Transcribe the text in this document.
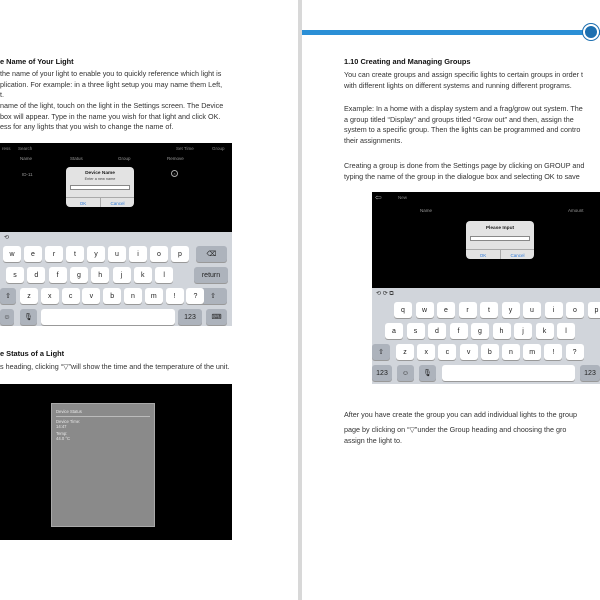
e Name of Your Light
the name of your light to enable you to quickly reference which light is
plication. For example: in a three light setup you may name them Left,
t.
name of the light, touch on the light in the Settings screen. The Device
box will appear. Type in the name you wish for that light and click OK.
ess for any lights that you wish to change the name of.
ress Search	Set Time	Group
Name	Status	Group	Remove
ID-11	×
Device Name
Enter a new name
OK	Cancel
⟲
⌫
return
⇧	⇧
☺	🎙	123	⌨
w	e	r	t	y	u	i	o	p
s	d	f	g	h	j	k	l
z	x	c	v	b	n	m	!	?
e Status of a Light
s heading, clicking “▽”will show the time and the temperature of the unit.
Device Status
Device Time:
14:47
Temp:
44.0 °C
1.10 Creating and Managing Groups
You can create groups and assign specific lights to certain groups in order t
with different lights on different systems and running different programs.
Example: In a home with a display system and a frag/grow out system. The
a group titled “Display” and groups titled “Grow out” and then, assign the
system to a specific group. Then the lights can be programmed and contro
their assignments.
Creating a group is done from the Settings page by clicking on GROUP and
typing the name of the group in the dialogue box and selecting OK to save
⇦	New
Name	Amount
Please Input
OK	Cancel
⟲ ⟳ ⧉
⇧
123	☺	🎙	123
q	w	e	r	t	y	u	i	o	p
a	s	d	f	g	h	j	k	l
z	x	c	v	b	n	m	!	?
After you have create the group you can add individual lights to the group
page by clicking on “▽”under the Group heading and choosing the gro
assign the light to.
